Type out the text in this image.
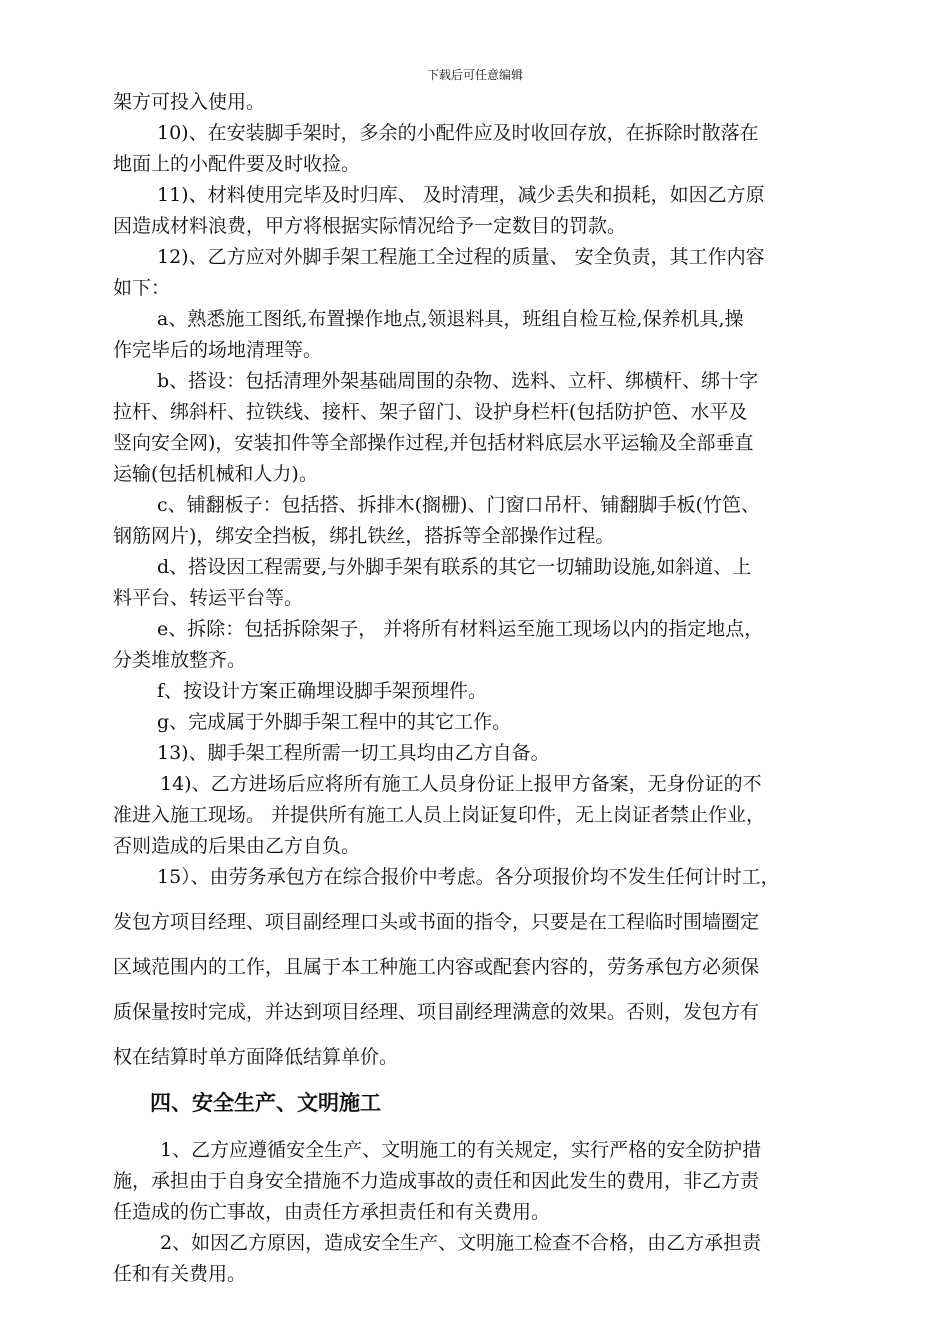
下载后可任意编辑
架方可投入使用。
10)、在安装脚手架时，多余的小配件应及时收回存放，在拆除时散落在
地面上的小配件要及时收捡。
11)、材料使用完毕及时归库、 及时清理，减少丢失和损耗，如因乙方原
因造成材料浪费，甲方将根据实际情况给予一定数目的罚款。
12)、乙方应对外脚手架工程施工全过程的质量、 安全负责，其工作内容
如下：
a、熟悉施工图纸,布置操作地点,领退料具，班组自检互检,保养机具,操
作完毕后的场地清理等。
b、搭设：包括清理外架基础周围的杂物、选料、立杆、绑横杆、绑十字
拉杆、绑斜杆、拉铁线、接杆、架子留门、设护身栏杆(包括防护笆、水平及
竖向安全网)，安装扣件等全部操作过程,并包括材料底层水平运输及全部垂直
运输(包括机械和人力)。
c、铺翻板子：包括搭、拆排木(搁栅)、门窗口吊杆、铺翻脚手板(竹笆、
钢筋网片)，绑安全挡板，绑扎铁丝，搭拆等全部操作过程。
d、搭设因工程需要,与外脚手架有联系的其它一切辅助设施,如斜道、上
料平台、转运平台等。
e、拆除：包括拆除架子， 并将所有材料运至施工现场以内的指定地点，
分类堆放整齐。
f、按设计方案正确埋设脚手架预埋件。
g、完成属于外脚手架工程中的其它工作。
13)、脚手架工程所需一切工具均由乙方自备。
14)、乙方进场后应将所有施工人员身份证上报甲方备案，无身份证的不
准进入施工现场。 并提供所有施工人员上岗证复印件，无上岗证者禁止作业，
否则造成的后果由乙方自负。
15）、由劳务承包方在综合报价中考虑。各分项报价均不发生任何计时工，
发包方项目经理、项目副经理口头或书面的指令，只要是在工程临时围墙圈定
区域范围内的工作，且属于本工种施工内容或配套内容的，劳务承包方必须保
质保量按时完成，并达到项目经理、项目副经理满意的效果。否则，发包方有
权在结算时单方面降低结算单价。
四、安全生产、文明施工
1、乙方应遵循安全生产、文明施工的有关规定，实行严格的安全防护措
施，承担由于自身安全措施不力造成事故的责任和因此发生的费用，非乙方责
任造成的伤亡事故，由责任方承担责任和有关费用。
2、如因乙方原因，造成安全生产、文明施工检查不合格，由乙方承担责
任和有关费用。
